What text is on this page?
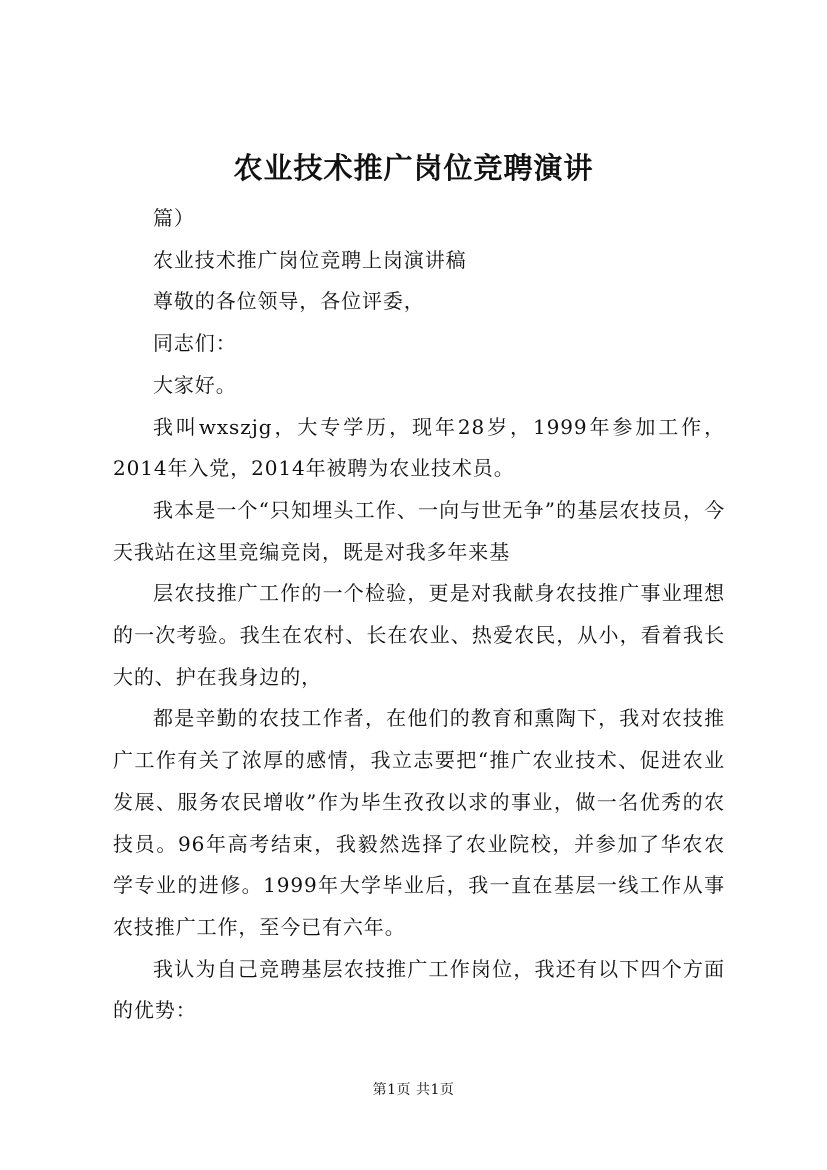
农业技术推广岗位竞聘演讲

篇）

农业技术推广岗位竞聘上岗演讲稿

尊敬的各位领导，各位评委，

同志们：

大家好。

我叫wxszjg，大专学历，现年28岁，1999年参加工作，2014年入党，2014年被聘为农业技术员。

我本是一个“只知埋头工作、一向与世无争”的基层农技员，今天我站在这里竞编竞岗，既是对我多年来基

层农技推广工作的一个检验，更是对我献身农技推广事业理想的一次考验。我生在农村、长在农业、热爱农民，从小，看着我长大的、护在我身边的，

都是辛勤的农技工作者，在他们的教育和熏陶下，我对农技推广工作有关了浓厚的感情，我立志要把“推广农业技术、促进农业发展、服务农民增收”作为毕生孜孜以求的事业，做一名优秀的农技员。96年高考结束，我毅然选择了农业院校，并参加了华农农学专业的进修。1999年大学毕业后，我一直在基层一线工作从事农技推广工作，至今已有六年。

我认为自己竞聘基层农技推广工作岗位，我还有以下四个方面的优势：

第1页 共1页
